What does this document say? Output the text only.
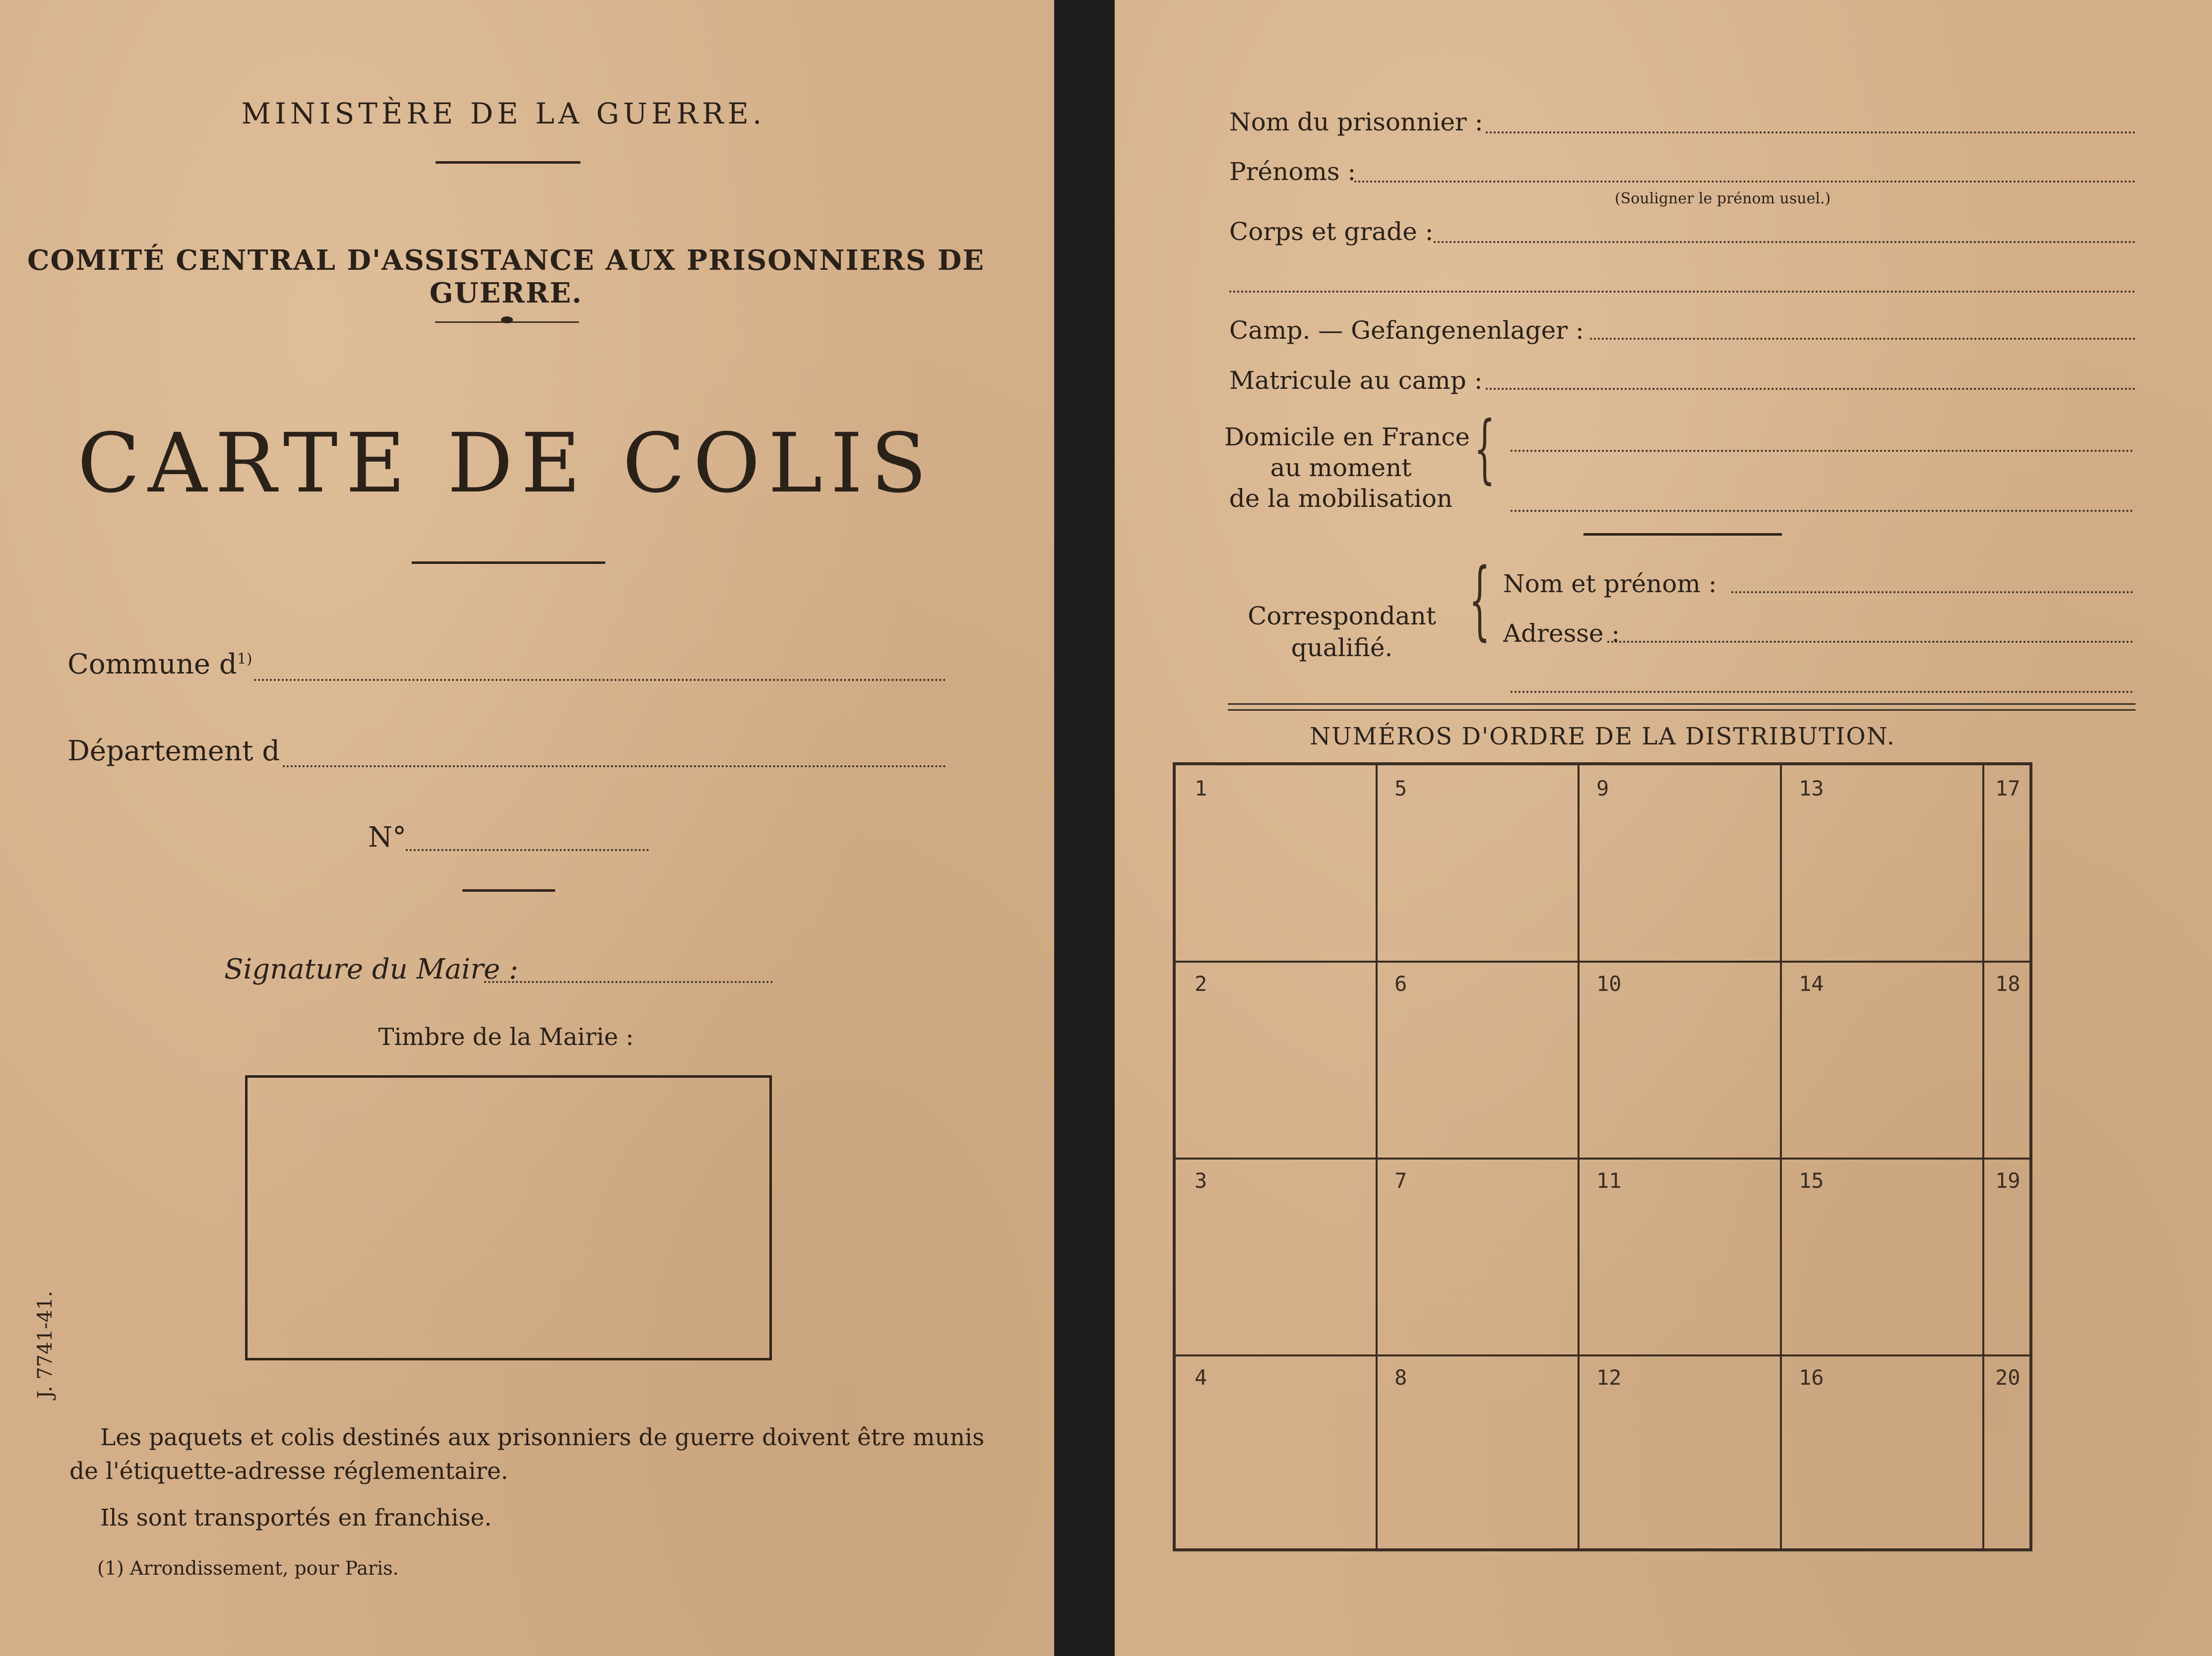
MINISTÈRE DE LA GUERRE.
COMITÉ CENTRAL D'ASSISTANCE AUX PRISONNIERS DE GUERRE.
CARTE DE COLIS
Commune $d^{1)}$
Département d
N°
Signature du Maire :
Timbre de la Mairie :
J. 7741-41.
Les paquets et colis destinés aux prisonniers de guerre doivent être munis
de l'étiquette-adresse réglementaire.
Ils sont transportés en franchise.
(1) Arrondissement, pour Paris.
Nom du prisonnier :
Prénoms :
(Souligner le prénom usuel.)
Corps et grade :
Camp. — Gefangenenlager :
Matricule au camp :
Domicile en France
au moment
de la mobilisation
{
Correspondant
qualifié.	{ Nom et prénom :
Adresse :
NUMÉROS D'ORDRE DE LA DISTRIBUTION.
1	5	9	13	17
2	6	10	14	18
3	7	11	15	19
4	8	12	16	20
